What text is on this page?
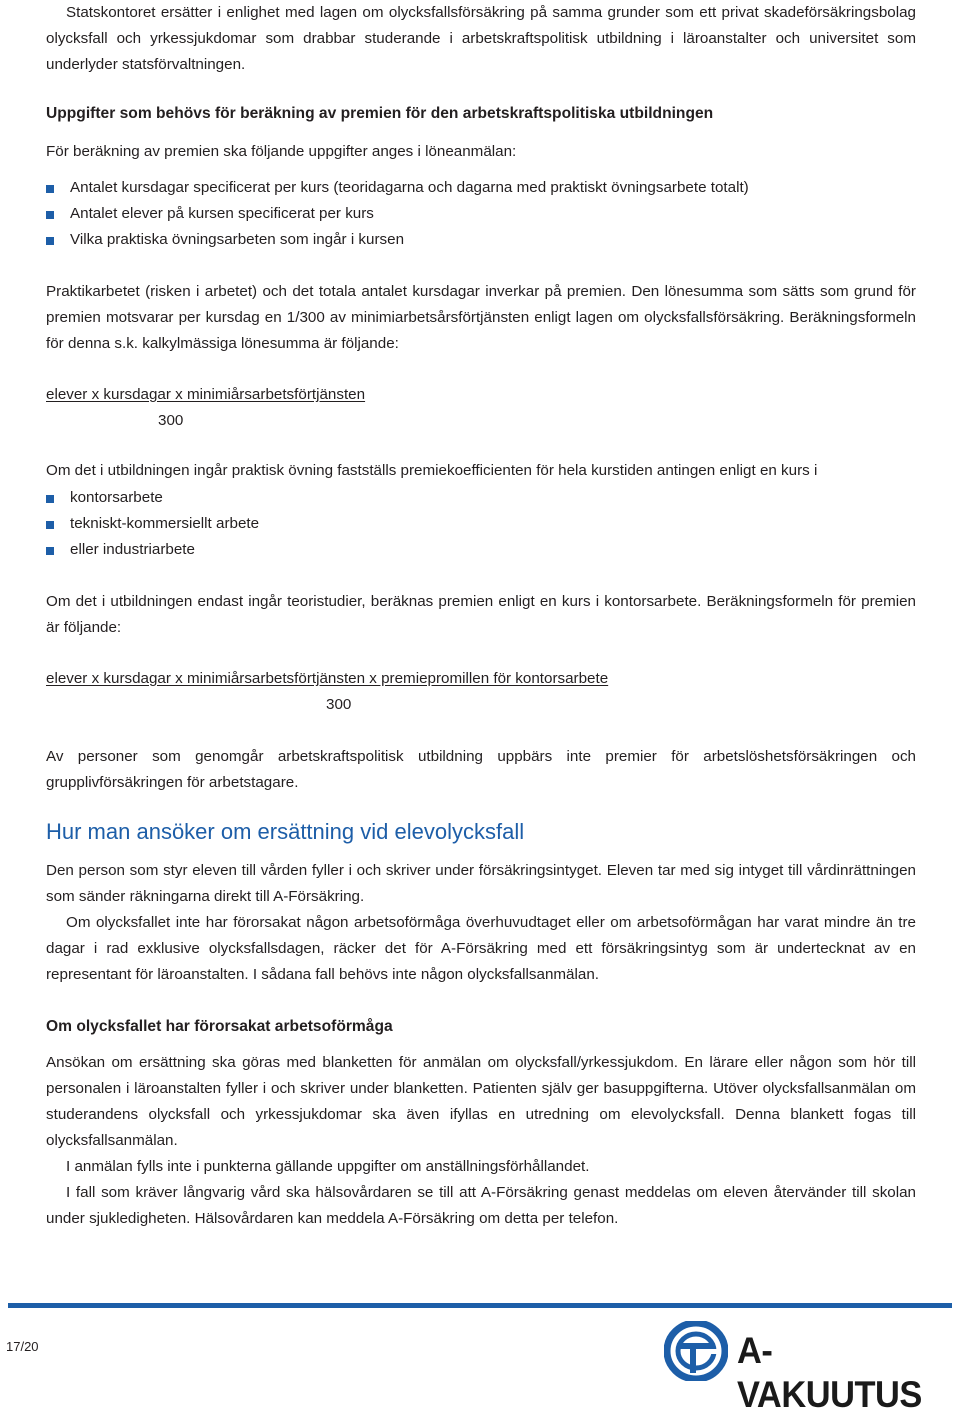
Statskontoret ersätter i enlighet med lagen om olycksfallsförsäkring på samma grunder som ett privat skadeförsäkringsbolag olycksfall och yrkessjukdomar som drabbar studerande i arbetskraftspolitisk utbildning i läroanstalter och universitet som underlyder statsförvaltningen.

Uppgifter som behövs för beräkning av premien för den arbetskraftspolitiska utbildningen

För beräkning av premien ska följande uppgifter anges i löneanmälan:

Antalet kursdagar specificerat per kurs (teoridagarna och dagarna med praktiskt övningsarbete totalt)
Antalet elever på kursen specificerat per kurs
Vilka praktiska övningsarbeten som ingår i kursen

Praktikarbetet (risken i arbetet) och det totala antalet kursdagar inverkar på premien. Den lönesumma som sätts som grund för premien motsvarar per kursdag en 1/300 av minimiarbetsårsförtjänsten enligt lagen om olycksfallsförsäkring. Beräkningsformeln för denna s.k. kalkylmässiga lönesumma är följande:

elever x kursdagar x minimiårsarbetsförtjänsten
300

Om det i utbildningen ingår praktisk övning fastställs premiekoefficienten för hela kurstiden antingen enligt en kurs i

kontorsarbete
tekniskt-kommersiellt arbete
eller industriarbete

Om det i utbildningen endast ingår teoristudier, beräknas premien enligt en kurs i kontorsarbete. Beräkningsformeln för premien är följande:

elever x kursdagar x minimiårsarbetsförtjänsten x premiepromillen för kontorsarbete
300

Av personer som genomgår arbetskraftspolitisk utbildning uppbärs inte premier för arbetslöshetsförsäkringen och grupplivförsäkringen för arbetstagare.

Hur man ansöker om ersättning vid elevolycksfall

Den person som styr eleven till vården fyller i och skriver under försäkringsintyget. Eleven tar med sig intyget till vårdinrättningen som sänder räkningarna direkt till A-Försäkring.

Om olycksfallet inte har förorsakat någon arbetsoförmåga överhuvudtaget eller om arbetsoförmågan har varat mindre än tre dagar i rad exklusive olycksfallsdagen, räcker det för A-Försäkring med ett försäkringsintyg som är undertecknat av en representant för läroanstalten. I sådana fall behövs inte någon olycksfallsanmälan.

Om olycksfallet har förorsakat arbetsoförmåga

Ansökan om ersättning ska göras med blanketten för anmälan om olycksfall/yrkessjukdom. En lärare eller någon som hör till personalen i läroanstalten fyller i och skriver under blanketten. Patienten själv ger basuppgifterna. Utöver olycksfallsanmälan om studerandens olycksfall och yrkessjukdomar ska även ifyllas en utredning om elevolycksfall. Denna blankett fogas till olycksfallsanmälan.

I anmälan fylls inte i punkterna gällande uppgifter om anställningsförhållandet.

I fall som kräver långvarig vård ska hälsovårdaren se till att A-Försäkring genast meddelas om eleven återvänder till skolan under sjukledigheten. Hälsovårdaren kan meddela A-Försäkring om detta per telefon.

17/20	A-VAKUUTUS
